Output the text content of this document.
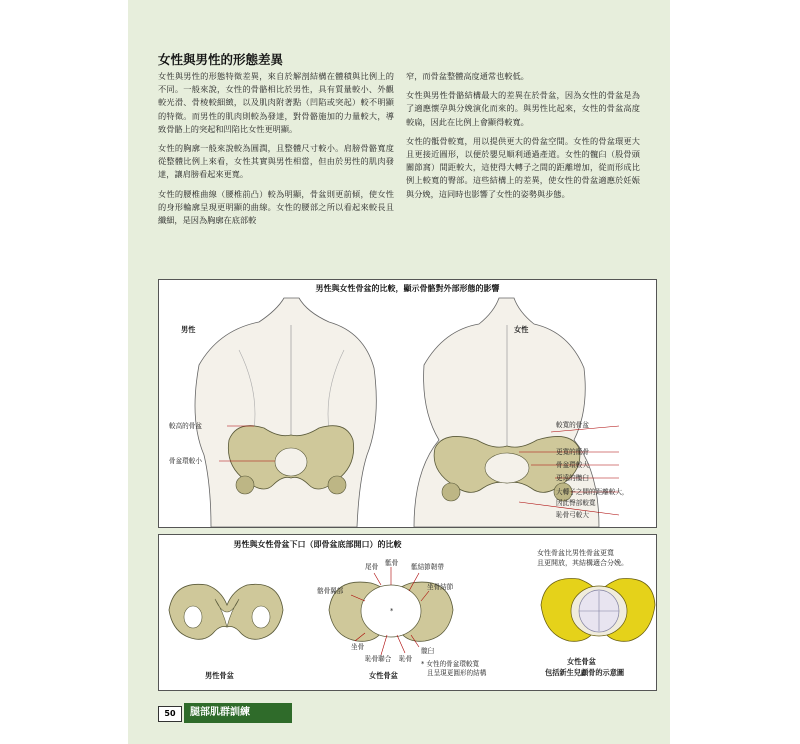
女性與男性的形態差異

女性與男性的形態特徵差異，來自於解剖結構在體積與比例上的不同。一般來說，女性的骨骼相比於男性，具有質量較小、外觀較光滑、骨棱較細緻，以及肌肉附著點（凹陷或突起）較不明顯的特徵。而男性的肌肉則較為發達，對骨骼施加的力量較大，導致骨骼上的突起和凹陷比女性更明顯。

女性的胸廓一般來說較為圓潤，且整體尺寸較小。肩膀骨骼寬度從整體比例上來看，女性其實與男性相當，但由於男性的肌肉發達，讓肩膀看起來更寬。

女性的腰椎曲線（腰椎前凸）較為明顯，骨盆則更前傾，使女性的身形輪廓呈現更明顯的曲線。女性的腰部之所以看起來較長且纖細，是因為胸廓在底部較

窄，而骨盆整體高度通常也較低。

女性與男性骨骼結構最大的差異在於骨盆，因為女性的骨盆是為了適應懷孕與分娩演化而來的。與男性比起來，女性的骨盆高度較扁，因此在比例上會顯得較寬。

女性的骶骨較寬，用以提供更大的骨盆空間。女性的骨盆環更大且更接近圓形，以便於嬰兒順利通過產道。女性的髖臼（股骨頭關節窩）間距較大，這使得大轉子之間的距離增加，從而形成比例上較寬的臀部。這些結構上的差異，使女性的骨盆適應於妊娠與分娩，這同時也影響了女性的姿勢與步態。

男性與女性骨盆的比較，顯示骨骼對外部形態的影響
男性	女性
較高的骨盆
骨盆環較小
較寬的骨盆
更寬的骶骨
骨盆環較大
更遠的髖臼
大轉子之間的距離較大，
因此臀部較寬
恥骨弓較大
男性與女性骨盆下口（即骨盆底部開口）的比較
女性骨盆比男性骨盆更寬
且更開放，其結構適合分娩。
尾骨 骶骨 骶結節韌帶
坐骨結節
髂骨翼部
*
坐骨
恥骨聯合 恥骨
髋臼
* 女性的骨盆環較寬
且呈現更圓形的結構
男性骨盆	女性骨盆
女性骨盆
包括新生兒顱骨的示意圖
50	腿部肌群訓練
